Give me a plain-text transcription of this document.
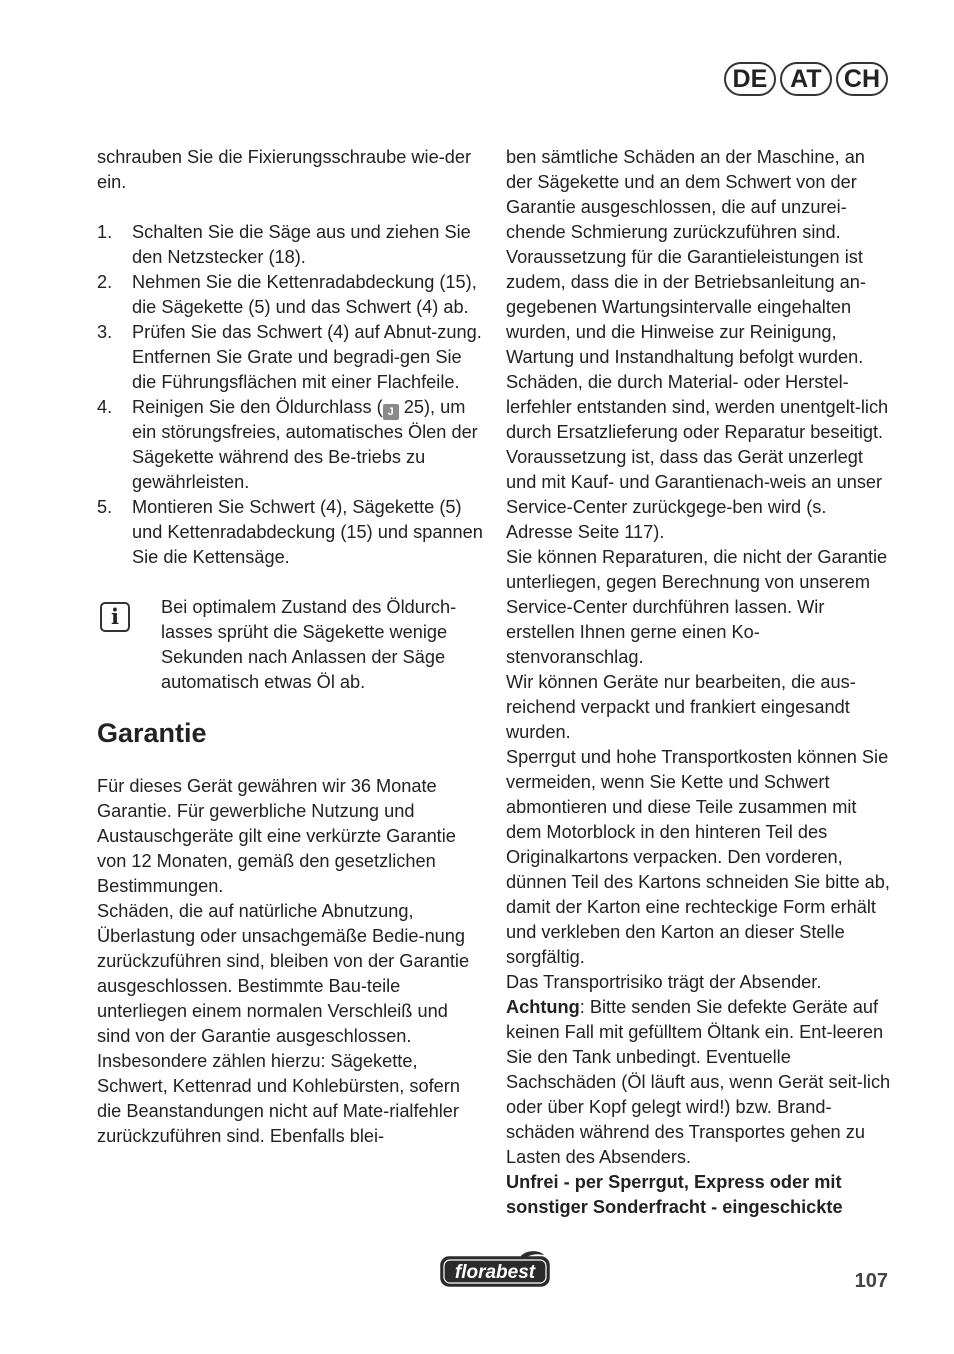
DE AT CH

schrauben Sie die Fixierungsschraube wie-der ein.

1. Schalten Sie die Säge aus und ziehen Sie den Netzstecker (18).
2. Nehmen Sie die Kettenradabdeckung (15), die Sägekette (5) und das Schwert (4) ab.
3. Prüfen Sie das Schwert (4) auf Abnut-zung. Entfernen Sie Grate und begradi-gen Sie die Führungsflächen mit einer Flachfeile.
4. Reinigen Sie den Öldurchlass ( J 25), um ein störungsfreies, automatisches Ölen der Sägekette während des Be-triebs zu gewährleisten.
5. Montieren Sie Schwert (4), Sägekette (5) und Kettenradabdeckung (15) und spannen Sie die Kettensäge.
i	Bei optimalem Zustand des Öldurch-lasses sprüht die Sägekette wenige Sekunden nach Anlassen der Säge automatisch etwas Öl ab.

Garantie

Für dieses Gerät gewähren wir 36 Monate Garantie. Für gewerbliche Nutzung und Austauschgeräte gilt eine verkürzte Garantie von 12 Monaten, gemäß den gesetzlichen Bestimmungen.

Schäden, die auf natürliche Abnutzung, Überlastung oder unsachgemäße Bedie-nung zurückzuführen sind, bleiben von der Garantie ausgeschlossen. Bestimmte Bau-teile unterliegen einem normalen Verschleiß und sind von der Garantie ausgeschlossen. Insbesondere zählen hierzu: Sägekette, Schwert, Kettenrad und Kohlebürsten, sofern die Beanstandungen nicht auf Mate-rialfehler zurückzuführen sind. Ebenfalls blei-

ben sämtliche Schäden an der Maschine, an der Sägekette und an dem Schwert von der Garantie ausgeschlossen, die auf unzurei-chende Schmierung zurückzuführen sind. Voraussetzung für die Garantieleistungen ist zudem, dass die in der Betriebsanleitung an-gegebenen Wartungsintervalle eingehalten wurden, und die Hinweise zur Reinigung, Wartung und Instandhaltung befolgt wurden.

Schäden, die durch Material- oder Herstel-lerfehler entstanden sind, werden unentgelt-lich durch Ersatzlieferung oder Reparatur beseitigt. Voraussetzung ist, dass das Gerät unzerlegt und mit Kauf- und Garantienach-weis an unser Service-Center zurückgege-ben wird (s. Adresse Seite 117).

Sie können Reparaturen, die nicht der Garantie unterliegen, gegen Berechnung von unserem Service-Center durchführen lassen. Wir erstellen Ihnen gerne einen Ko-stenvoranschlag.

Wir können Geräte nur bearbeiten, die aus-reichend verpackt und frankiert eingesandt wurden.

Sperrgut und hohe Transportkosten können Sie vermeiden, wenn Sie Kette und Schwert abmontieren und diese Teile zusammen mit dem Motorblock in den hinteren Teil des Originalkartons verpacken. Den vorderen, dünnen Teil des Kartons schneiden Sie bitte ab, damit der Karton eine rechteckige Form erhält und verkleben den Karton an dieser Stelle sorgfältig.

Das Transportrisiko trägt der Absender.

Achtung: Bitte senden Sie defekte Geräte auf keinen Fall mit gefülltem Öltank ein. Ent-leeren Sie den Tank unbedingt. Eventuelle Sachschäden (Öl läuft aus, wenn Gerät seit-lich oder über Kopf gelegt wird!) bzw. Brand-schäden während des Transportes gehen zu Lasten des Absenders.

Unfrei - per Sperrgut, Express oder mit sonstiger Sonderfracht - eingeschickte

florabest	107
